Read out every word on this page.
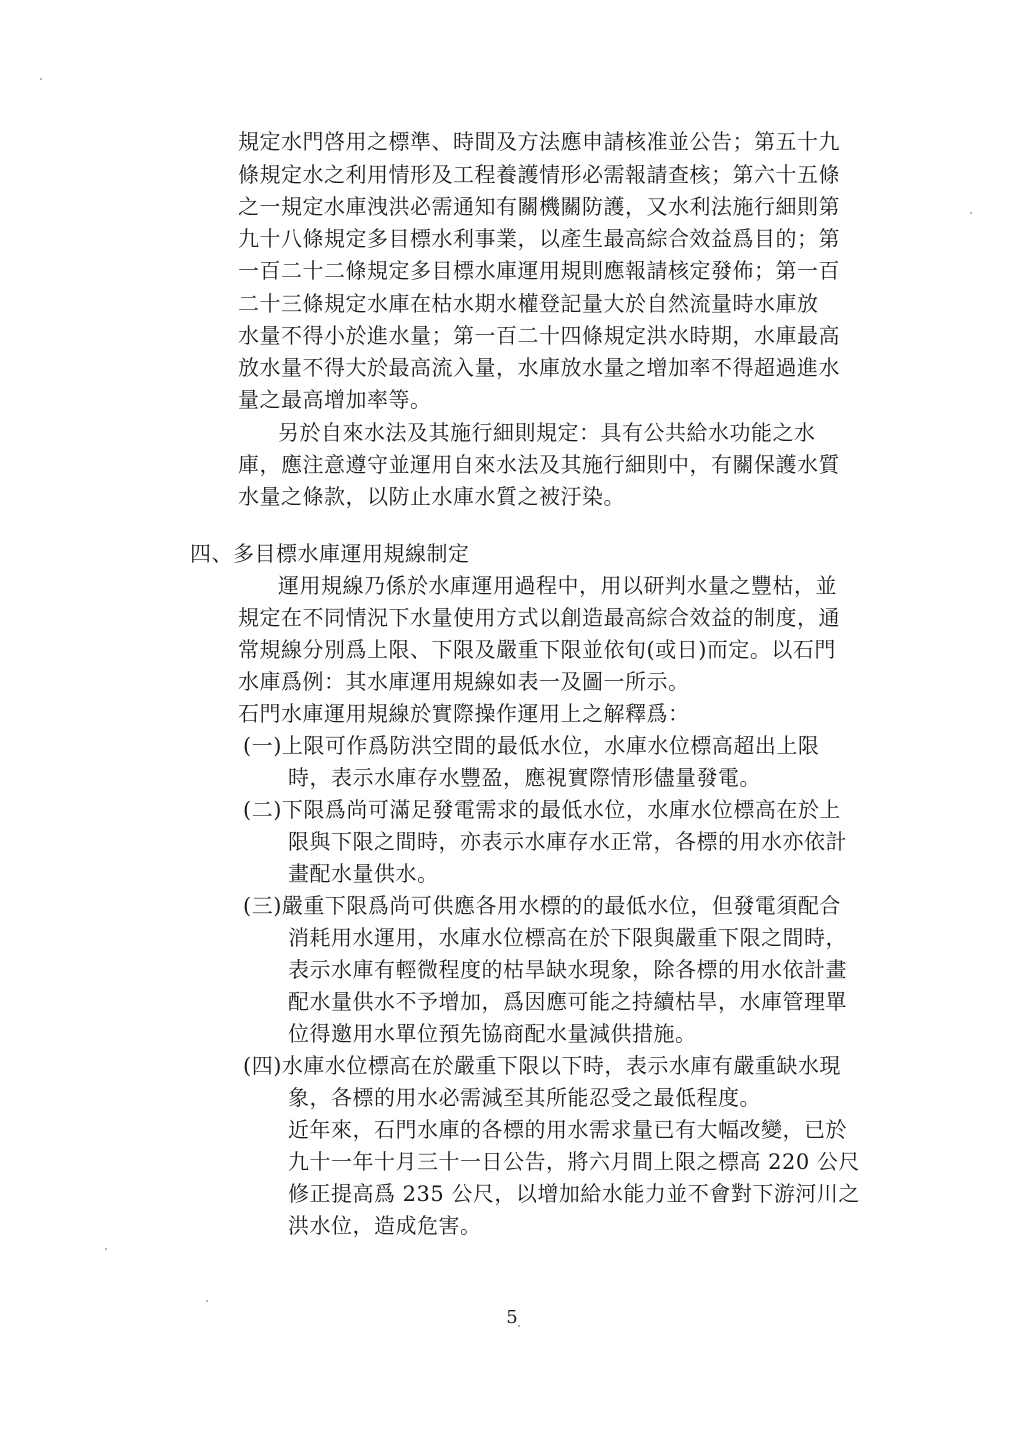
規定水門啓用之標準、時間及方法應申請核准並公告；第五十九
條規定水之利用情形及工程養護情形必需報請查核；第六十五條
之一規定水庫洩洪必需通知有關機關防護，又水利法施行細則第
九十八條規定多目標水利事業，以產生最高綜合效益爲目的；第
一百二十二條規定多目標水庫運用規則應報請核定發佈；第一百
二十三條規定水庫在枯水期水權登記量大於自然流量時水庫放
水量不得小於進水量；第一百二十四條規定洪水時期，水庫最高
放水量不得大於最高流入量，水庫放水量之增加率不得超過進水
量之最高增加率等。
另於自來水法及其施行細則規定：具有公共給水功能之水
庫，應注意遵守並運用自來水法及其施行細則中，有關保護水質
水量之條款，以防止水庫水質之被汙染。
四、多目標水庫運用規線制定
運用規線乃係於水庫運用過程中，用以研判水量之豐枯，並
規定在不同情況下水量使用方式以創造最高綜合效益的制度，通
常規線分別爲上限、下限及嚴重下限並依旬(或日)而定。以石門
水庫爲例：其水庫運用規線如表一及圖一所示。
石門水庫運用規線於實際操作運用上之解釋爲：
(一)上限可作爲防洪空間的最低水位，水庫水位標高超出上限
時，表示水庫存水豐盈，應視實際情形儘量發電。
(二)下限爲尚可滿足發電需求的最低水位，水庫水位標高在於上
限與下限之間時，亦表示水庫存水正常，各標的用水亦依計
畫配水量供水。
(三)嚴重下限爲尚可供應各用水標的的最低水位，但發電須配合
消耗用水運用，水庫水位標高在於下限與嚴重下限之間時，
表示水庫有輕微程度的枯旱缺水現象，除各標的用水依計畫
配水量供水不予增加，爲因應可能之持續枯旱，水庫管理單
位得邀用水單位預先協商配水量減供措施。
(四)水庫水位標高在於嚴重下限以下時，表示水庫有嚴重缺水現
象，各標的用水必需減至其所能忍受之最低程度。
近年來，石門水庫的各標的用水需求量已有大幅改變，已於
九十一年十月三十一日公告，將六月間上限之標高 220 公尺
修正提高爲 235 公尺，以增加給水能力並不會對下游河川之
洪水位，造成危害。
5
